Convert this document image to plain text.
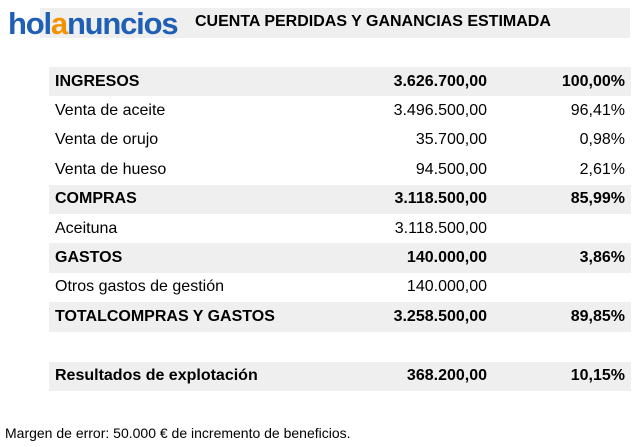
CUENTA PERDIDAS Y GANANCIAS ESTIMADA
holanuncios
INGRESOS	3.626.700,00	100,00%
Venta de aceite	3.496.500,00	96,41%
Venta de orujo	35.700,00	0,98%
Venta de hueso	94.500,00	2,61%
COMPRAS	3.118.500,00	85,99%
Aceituna	3.118.500,00	
GASTOS	140.000,00	3,86%
Otros gastos de gestión	140.000,00	
TOTALCOMPRAS Y GASTOS	3.258.500,00	89,85%

Resultados de explotación	368.200,00	10,15%
Margen de error: 50.000 € de incremento de beneficios.
